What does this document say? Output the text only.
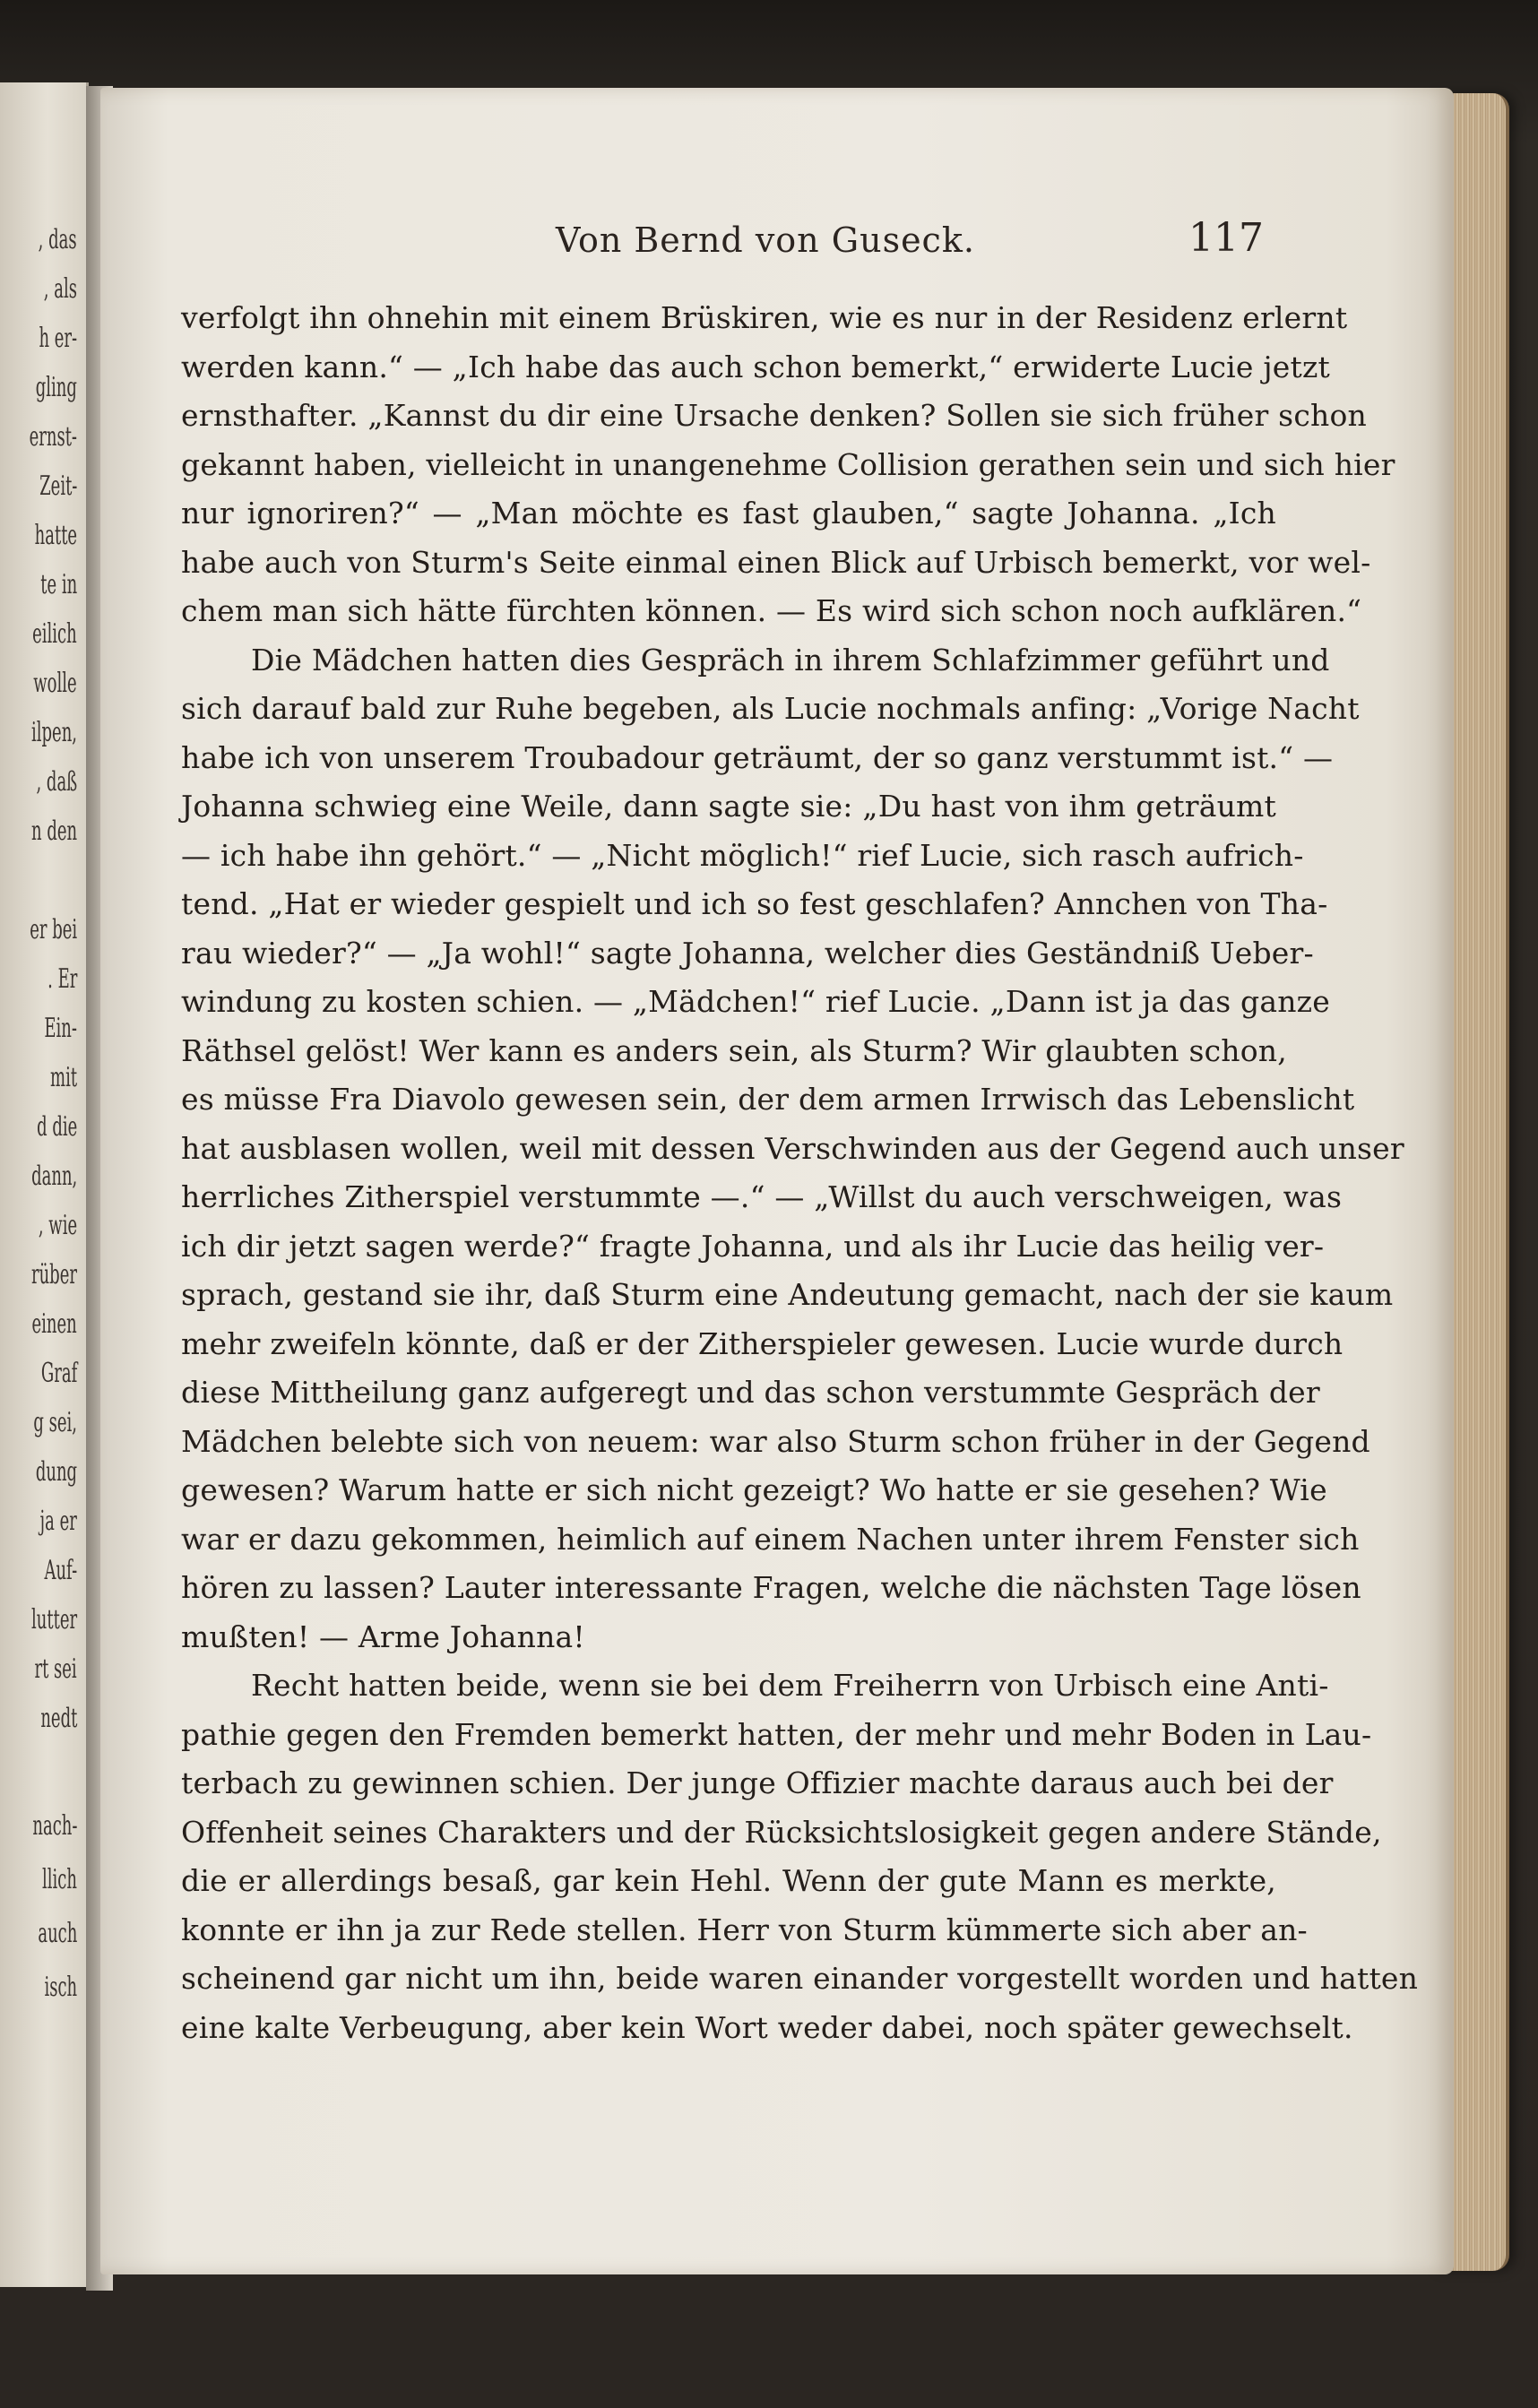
, das
, als
h er-
gling
ernst-
Zeit-
hatte
te in
eilich
wolle
ilpen,
, daß
n den
er bei
. Er
Ein-
mit
d die
dann,
, wie
rüber
einen
Graf
g sei,
dung
ja er
Auf-
lutter
rt sei
nedt
nach-
llich
auch
isch
Von Bernd von Guseck.	117
verfolgt ihn ohnehin mit einem Brüskiren, wie es nur in der Residenz erlernt
werden kann.“ — „Ich habe das auch schon bemerkt,“ erwiderte Lucie jetzt
ernsthafter. „Kannst du dir eine Ursache denken? Sollen sie sich früher schon
gekannt haben, vielleicht in unangenehme Collision gerathen sein und sich hier
nur ignoriren?“ — „Man möchte es fast glauben,“ sagte Johanna. „Ich
habe auch von Sturm's Seite einmal einen Blick auf Urbisch bemerkt, vor wel-
chem man sich hätte fürchten können. — Es wird sich schon noch aufklären.“
Die Mädchen hatten dies Gespräch in ihrem Schlafzimmer geführt und
sich darauf bald zur Ruhe begeben, als Lucie nochmals anfing: „Vorige Nacht
habe ich von unserem Troubadour geträumt, der so ganz verstummt ist.“ —
Johanna schwieg eine Weile, dann sagte sie: „Du hast von ihm geträumt
— ich habe ihn gehört.“ — „Nicht möglich!“ rief Lucie, sich rasch aufrich-
tend. „Hat er wieder gespielt und ich so fest geschlafen? Annchen von Tha-
rau wieder?“ — „Ja wohl!“ sagte Johanna, welcher dies Geständniß Ueber-
windung zu kosten schien. — „Mädchen!“ rief Lucie. „Dann ist ja das ganze
Räthsel gelöst! Wer kann es anders sein, als Sturm? Wir glaubten schon,
es müsse Fra Diavolo gewesen sein, der dem armen Irrwisch das Lebenslicht
hat ausblasen wollen, weil mit dessen Verschwinden aus der Gegend auch unser
herrliches Zitherspiel verstummte —.“ — „Willst du auch verschweigen, was
ich dir jetzt sagen werde?“ fragte Johanna, und als ihr Lucie das heilig ver-
sprach, gestand sie ihr, daß Sturm eine Andeutung gemacht, nach der sie kaum
mehr zweifeln könnte, daß er der Zitherspieler gewesen. Lucie wurde durch
diese Mittheilung ganz aufgeregt und das schon verstummte Gespräch der
Mädchen belebte sich von neuem: war also Sturm schon früher in der Gegend
gewesen? Warum hatte er sich nicht gezeigt? Wo hatte er sie gesehen? Wie
war er dazu gekommen, heimlich auf einem Nachen unter ihrem Fenster sich
hören zu lassen? Lauter interessante Fragen, welche die nächsten Tage lösen
mußten! — Arme Johanna!
Recht hatten beide, wenn sie bei dem Freiherrn von Urbisch eine Anti-
pathie gegen den Fremden bemerkt hatten, der mehr und mehr Boden in Lau-
terbach zu gewinnen schien. Der junge Offizier machte daraus auch bei der
Offenheit seines Charakters und der Rücksichtslosigkeit gegen andere Stände,
die er allerdings besaß, gar kein Hehl. Wenn der gute Mann es merkte,
konnte er ihn ja zur Rede stellen. Herr von Sturm kümmerte sich aber an-
scheinend gar nicht um ihn, beide waren einander vorgestellt worden und hatten
eine kalte Verbeugung, aber kein Wort weder dabei, noch später gewechselt.
